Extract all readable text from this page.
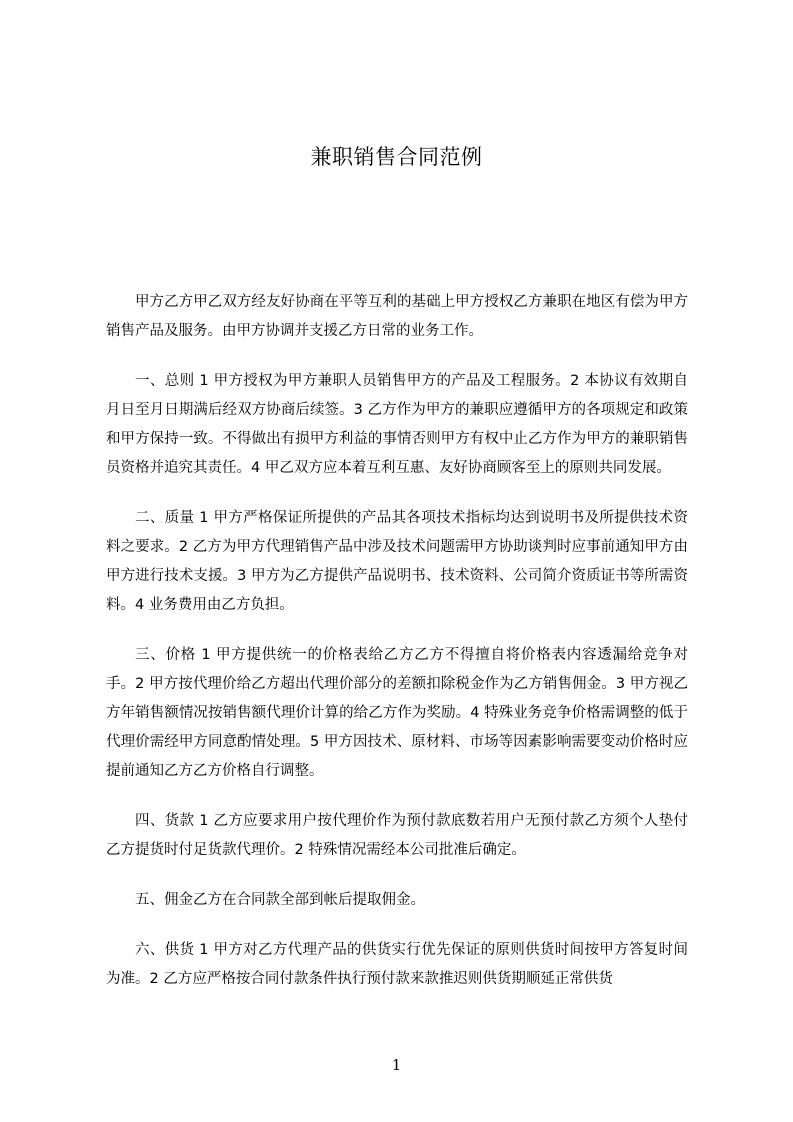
兼职销售合同范例

甲方乙方甲乙双方经友好协商在平等互利的基础上甲方授权乙方兼职在地区有偿为甲方销售产品及服务。由甲方协调并支援乙方日常的业务工作。

一、总则 1 甲方授权为甲方兼职人员销售甲方的产品及工程服务。2 本协议有效期自月日至月日期满后经双方协商后续签。3 乙方作为甲方的兼职应遵循甲方的各项规定和政策和甲方保持一致。不得做出有损甲方利益的事情否则甲方有权中止乙方作为甲方的兼职销售员资格并追究其责任。4 甲乙双方应本着互利互惠、友好协商顾客至上的原则共同发展。

二、质量 1 甲方严格保证所提供的产品其各项技术指标均达到说明书及所提供技术资料之要求。2 乙方为甲方代理销售产品中涉及技术问题需甲方协助谈判时应事前通知甲方由甲方进行技术支援。3 甲方为乙方提供产品说明书、技术资料、公司简介资质证书等所需资料。4 业务费用由乙方负担。

三、价格 1 甲方提供统一的价格表给乙方乙方不得擅自将价格表内容透漏给竞争对手。2 甲方按代理价给乙方超出代理价部分的差额扣除税金作为乙方销售佣金。3 甲方视乙方年销售额情况按销售额代理价计算的给乙方作为奖励。4 特殊业务竞争价格需调整的低于代理价需经甲方同意酌情处理。5 甲方因技术、原材料、市场等因素影响需要变动价格时应提前通知乙方乙方价格自行调整。

四、货款 1 乙方应要求用户按代理价作为预付款底数若用户无预付款乙方须个人垫付乙方提货时付足货款代理价。2 特殊情况需经本公司批准后确定。

五、佣金乙方在合同款全部到帐后提取佣金。

六、供货 1 甲方对乙方代理产品的供货实行优先保证的原则供货时间按甲方答复时间为准。2 乙方应严格按合同付款条件执行预付款来款推迟则供货期顺延正常供货

1
